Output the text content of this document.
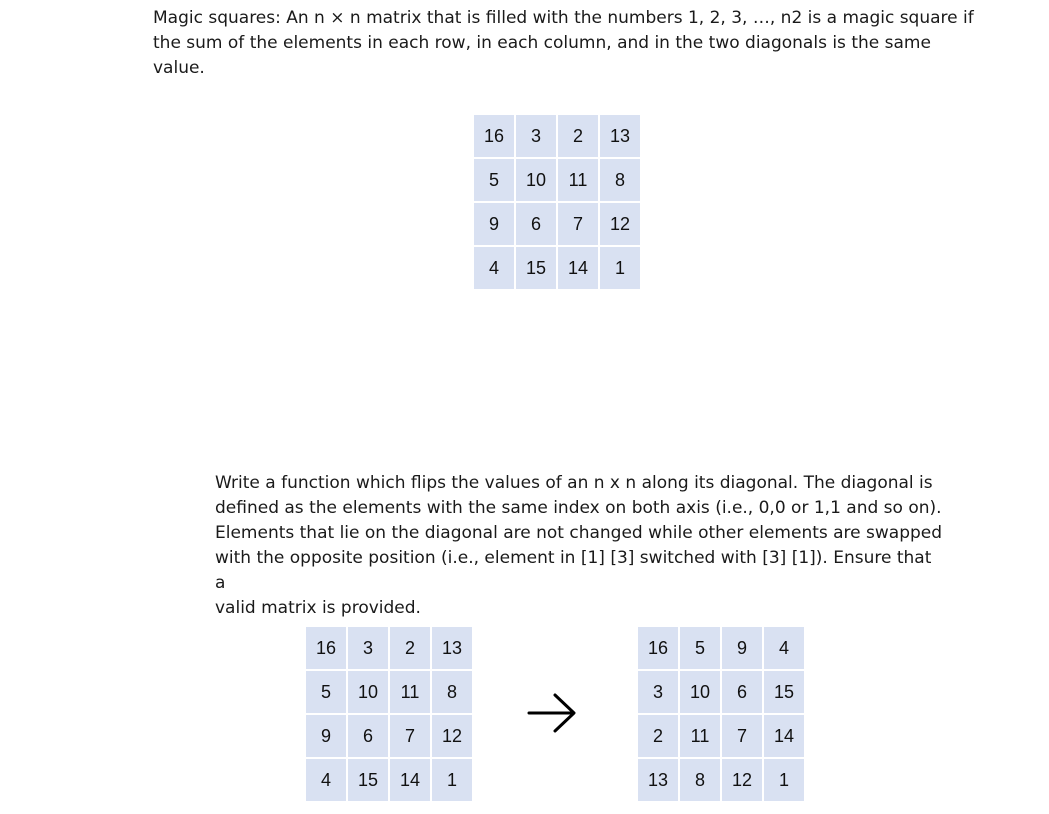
Magic squares: An n × n matrix that is filled with the numbers 1, 2, 3, …, n2 is a magic square if
the sum of the elements in each row, in each column, and in the two diagonals is the same
value.
16	3	2	13
5	10	11	8
9	6	7	12
4	15	14	1
Write a function which flips the values of an n x n along its diagonal. The diagonal is
defined as the elements with the same index on both axis (i.e., 0,0 or 1,1 and so on).
Elements that lie on the diagonal are not changed while other elements are swapped
with the opposite position (i.e., element in [1] [3] switched with [3] [1]). Ensure that a
valid matrix is provided.
16	3	2	13
5	10	11	8
9	6	7	12
4	15	14	1
16	5	9	4
3	10	6	15
2	11	7	14
13	8	12	1
